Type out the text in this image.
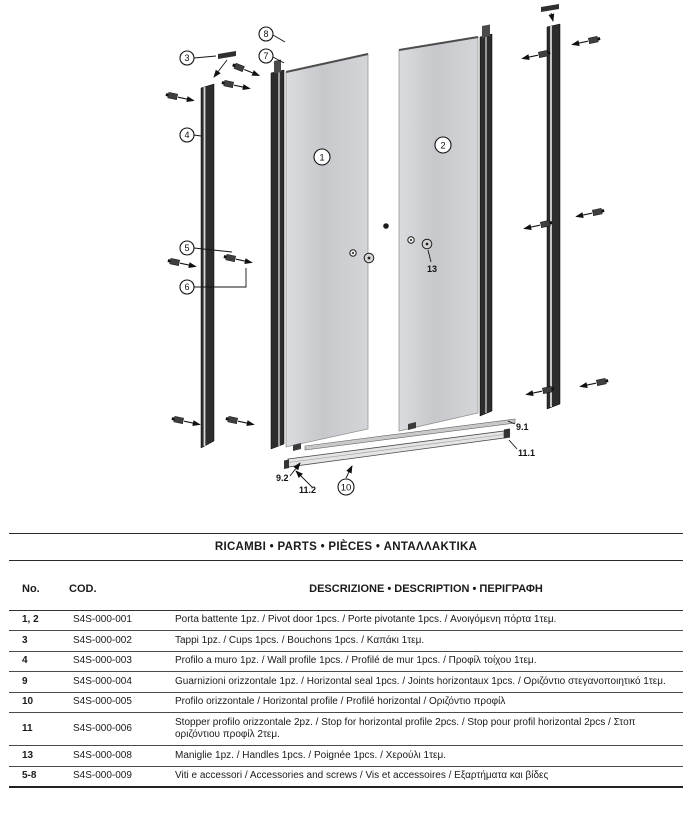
13
9.1
11.1
9.2
11.2
3
4
5
6
8
7
1
2
10
RICAMBI • PARTS • PIÈCES • ΑΝΤΑΛΛΑΚΤΙΚΑ
No.	COD.	DESCRIZIONE • DESCRIPTION • ΠΕΡΙΓΡΑΦΗ
1, 2	S4S-000-001	Porta battente 1pz. / Pivot door 1pcs. / Porte pivotante 1pcs. / Ανοιγόμενη πόρτα 1τεμ.
3	S4S-000-002	Tappi 1pz. / Cups 1pcs. / Bouchons 1pcs. / Καπάκι 1τεμ.
4	S4S-000-003	Profilo a muro 1pz. / Wall profile 1pcs. / Profilé de mur 1pcs. / Προφίλ τοίχου 1τεμ.
9	S4S-000-004	Guarnizioni orizzontale 1pz. / Horizontal seal 1pcs. / Joints horizontaux 1pcs. / Οριζόντιο στεγανοποιητικό 1τεμ.
10	S4S-000-005	Profilo orizzontale / Horizontal profile / Profilé horizontal / Οριζόντιο προφίλ
11	S4S-000-006	Stopper profilo orizzontale 2pz. / Stop for horizontal profile 2pcs. / Stop pour profil horizontal 2pcs / Στοπ οριζόντιου προφίλ 2τεμ.
13	S4S-000-008	Maniglie 1pz. / Handles 1pcs. / Poignée 1pcs. / Χερούλι 1τεμ.
5-8	S4S-000-009	Viti e accessori / Accessories and screws / Vis et accessoires / Εξαρτήματα και βίδες
